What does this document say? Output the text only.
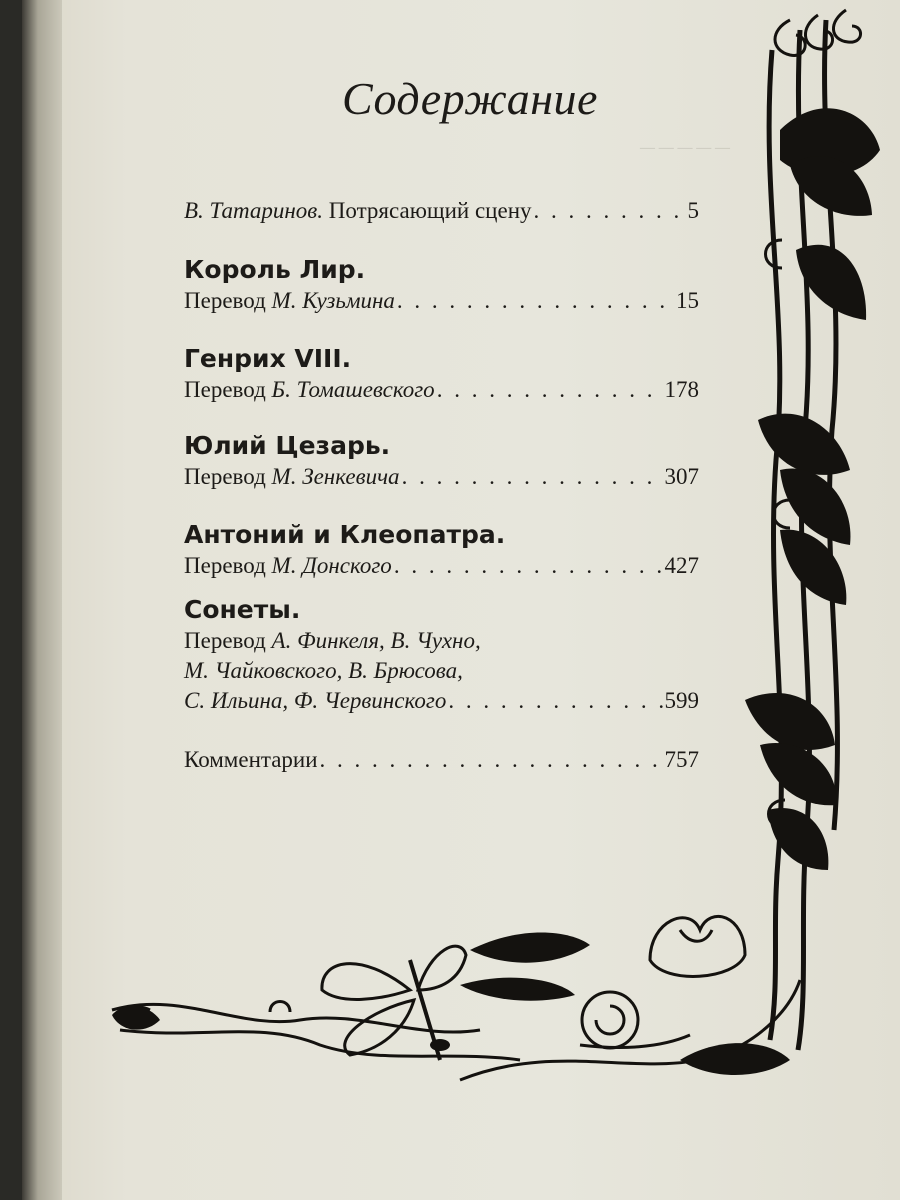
― ― ― ― ―
Содержание
В. Татаринов. Потрясающий сцену . . .	5
Король Лир.
Перевод М. Кузьмина . . .	15
Генрих VIII.
Перевод Б. Томашевского . . .	178
Юлий Цезарь.
Перевод М. Зенкевича . . .	307
Антоний и Клеопатра.
Перевод М. Донского . . .	427
Сонеты.
Перевод А. Финкеля, В. Чухно,
М. Чайковского, В. Брюсова,
С. Ильина, Ф. Червинского . . .	599
Комментарии . . .	757
